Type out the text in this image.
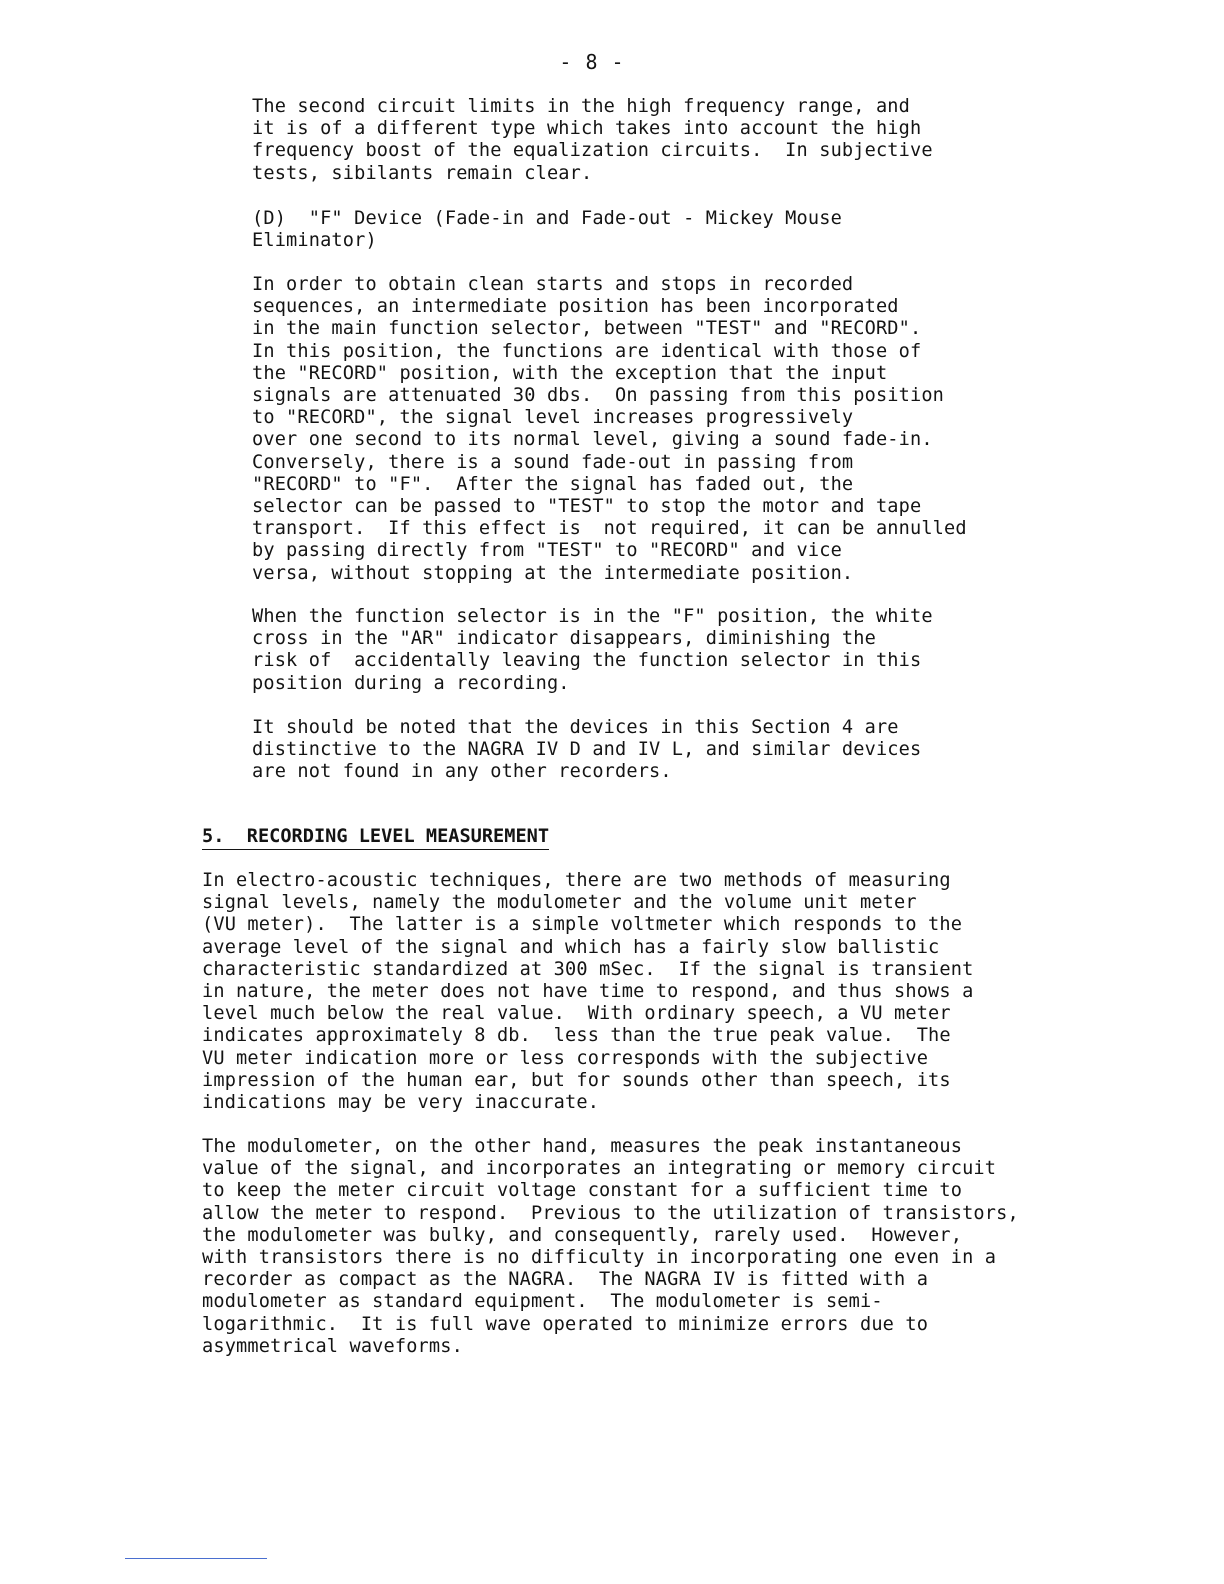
- 8 -

The second circuit limits in the high frequency range, and
it is of a different type which takes into account the high
frequency boost of the equalization circuits.  In subjective
tests, sibilants remain clear.

(D)  "F" Device (Fade-in and Fade-out - Mickey Mouse
Eliminator)

In order to obtain clean starts and stops in recorded
sequences, an intermediate position has been incorporated
in the main function selector, between "TEST" and "RECORD".
In this position, the functions are identical with those of
the "RECORD" position, with the exception that the input
signals are attenuated 30 dbs.  On passing from this position
to "RECORD", the signal level increases progressively
over one second to its normal level, giving a sound fade-in.
Conversely, there is a sound fade-out in passing from
"RECORD" to "F".  After the signal has faded out, the
selector can be passed to "TEST" to stop the motor and tape
transport.  If this effect is  not required, it can be annulled
by passing directly from "TEST" to "RECORD" and vice
versa, without stopping at the intermediate position.

When the function selector is in the "F" position, the white
cross in the "AR" indicator disappears, diminishing the
risk of  accidentally leaving the function selector in this
position during a recording.

It should be noted that the devices in this Section 4 are
distinctive to the NAGRA IV D and IV L, and similar devices
are not found in any other recorders.

5.  RECORDING LEVEL MEASUREMENT

In electro-acoustic techniques, there are two methods of measuring
signal levels, namely the modulometer and the volume unit meter
(VU meter).  The latter is a simple voltmeter which responds to the
average level of the signal and which has a fairly slow ballistic
characteristic standardized at 300 mSec.  If the signal is transient
in nature, the meter does not have time to respond, and thus shows a
level much below the real value.  With ordinary speech, a VU meter
indicates approximately 8 db.  less than the true peak value.  The
VU meter indication more or less corresponds with the subjective
impression of the human ear, but for sounds other than speech, its
indications may be very inaccurate.

The modulometer, on the other hand, measures the peak instantaneous
value of the signal, and incorporates an integrating or memory circuit
to keep the meter circuit voltage constant for a sufficient time to
allow the meter to respond.  Previous to the utilization of transistors,
the modulometer was bulky, and consequently, rarely used.  However,
with transistors there is no difficulty in incorporating one even in a
recorder as compact as the NAGRA.  The NAGRA IV is fitted with a
modulometer as standard equipment.  The modulometer is semi-
logarithmic.  It is full wave operated to minimize errors due to
asymmetrical waveforms.
